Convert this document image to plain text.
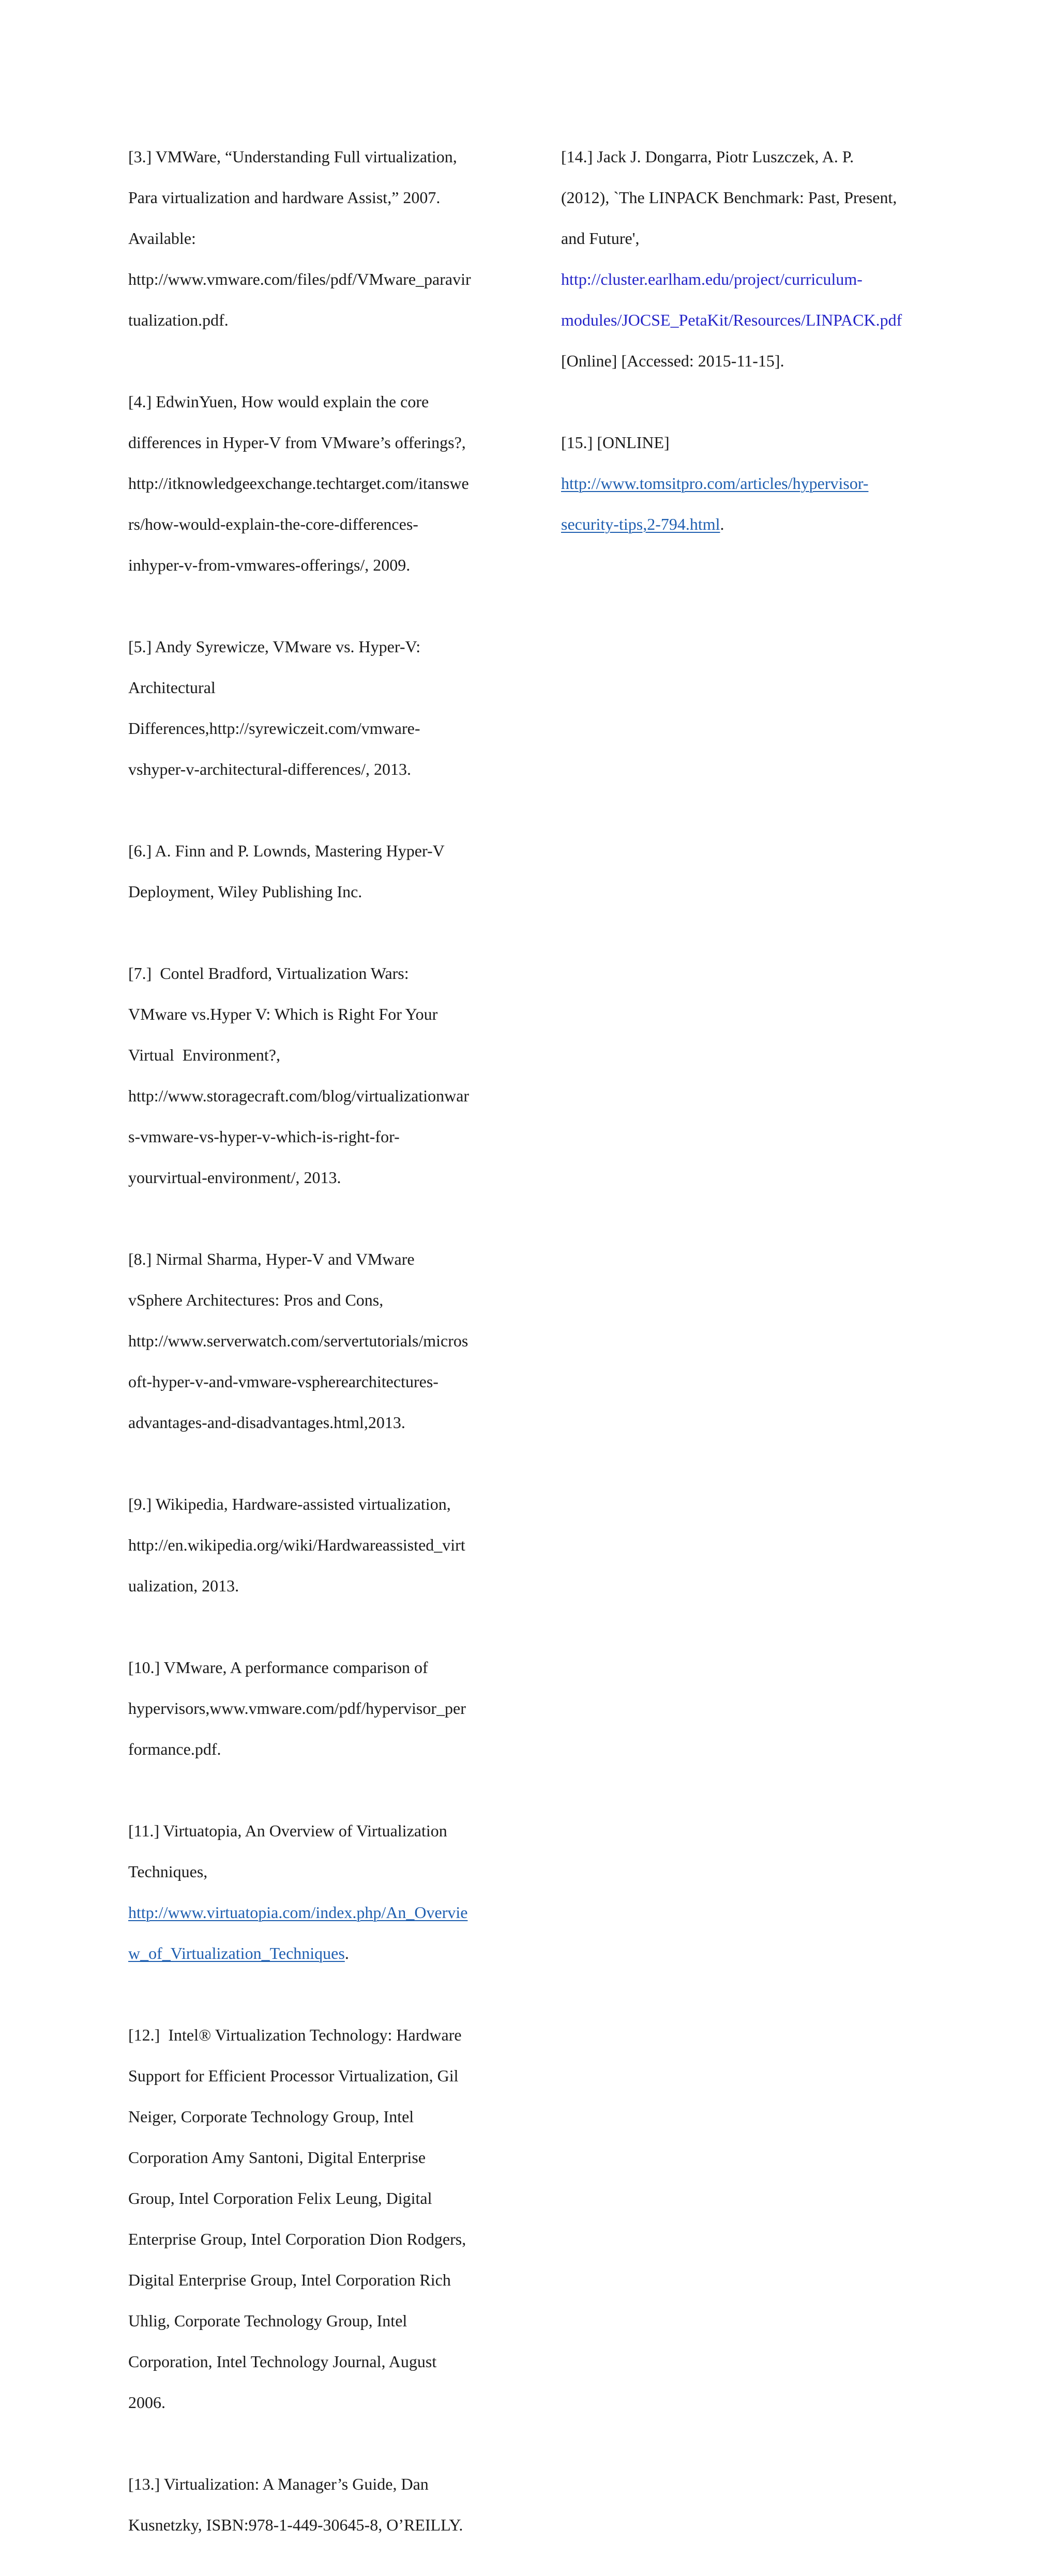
[3.] VMWare, “Understanding Full virtualization,

Para virtualization and hardware Assist,” 2007.

Available:

http://www.vmware.com/files/pdf/VMware_paravir

tualization.pdf.

[4.] EdwinYuen, How would explain the core

differences in Hyper-V from VMware’s offerings?,

http://itknowledgeexchange.techtarget.com/itanswe

rs/how-would-explain-the-core-differences-

inhyper-v-from-vmwares-offerings/, 2009.

[5.] Andy Syrewicze, VMware vs. Hyper-V:

Architectural

Differences,http://syrewiczeit.com/vmware-

vshyper-v-architectural-differences/, 2013.

[6.] A. Finn and P. Lownds, Mastering Hyper-V

Deployment, Wiley Publishing Inc.

[7.]  Contel Bradford, Virtualization Wars:

VMware vs.Hyper V: Which is Right For Your

Virtual  Environment?,

http://www.storagecraft.com/blog/virtualizationwar

s-vmware-vs-hyper-v-which-is-right-for-

yourvirtual-environment/, 2013.

[8.] Nirmal Sharma, Hyper-V and VMware

vSphere Architectures: Pros and Cons,

http://www.serverwatch.com/servertutorials/micros

oft-hyper-v-and-vmware-vspherearchitectures-

advantages-and-disadvantages.html,2013.

[9.] Wikipedia, Hardware-assisted virtualization,

http://en.wikipedia.org/wiki/Hardwareassisted_virt

ualization, 2013.

[10.] VMware, A performance comparison of

hypervisors,www.vmware.com/pdf/hypervisor_per

formance.pdf.

[11.] Virtuatopia, An Overview of Virtualization

Techniques,

http://www.virtuatopia.com/index.php/An_Overvie

w_of_Virtualization_Techniques.

[12.]  Intel® Virtualization Technology: Hardware

Support for Efficient Processor Virtualization, Gil

Neiger, Corporate Technology Group, Intel

Corporation Amy Santoni, Digital Enterprise

Group, Intel Corporation Felix Leung, Digital

Enterprise Group, Intel Corporation Dion Rodgers,

Digital Enterprise Group, Intel Corporation Rich

Uhlig, Corporate Technology Group, Intel

Corporation, Intel Technology Journal, August

2006.

[13.] Virtualization: A Manager’s Guide, Dan

Kusnetzky, ISBN:978-1-449-30645-8, O’REILLY.

[14.] Jack J. Dongarra, Piotr Luszczek, A. P.

(2012), `The LINPACK Benchmark: Past, Present,

and Future',

http://cluster.earlham.edu/project/curriculum-

modules/JOCSE_PetaKit/Resources/LINPACK.pdf

[Online] [Accessed: 2015-11-15].

[15.] [ONLINE]

http://www.tomsitpro.com/articles/hypervisor-

security-tips,2-794.html.
